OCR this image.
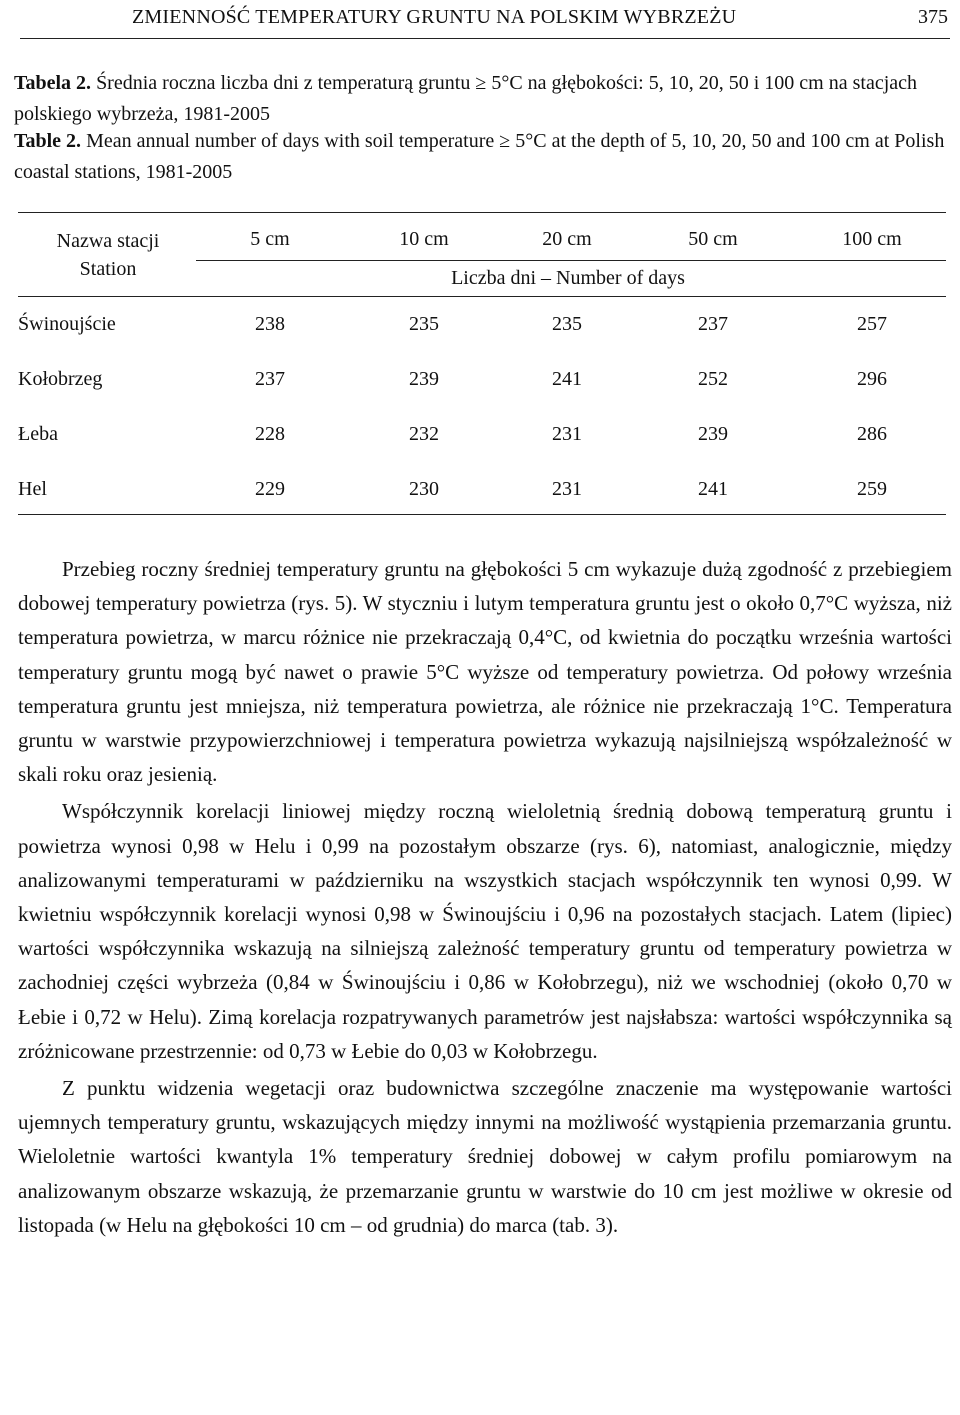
ZMIENNOŚĆ TEMPERATURY GRUNTU NA POLSKIM WYBRZEŻU	375
Tabela 2. Średnia roczna liczba dni z temperaturą gruntu ≥ 5°C na głębokości: 5, 10, 20, 50 i 100 cm na stacjach polskiego wybrzeża, 1981-2005
Table 2. Mean annual number of days with soil temperature ≥ 5°C at the depth of 5, 10, 20, 50 and 100 cm at Polish coastal stations, 1981-2005
Nazwa stacji
Station
5 cm	10 cm	20 cm	50 cm	100 cm
Liczba dni – Number of days
Świnoujście	238	235	235	237	257
Kołobrzeg	237	239	241	252	296
Łeba	228	232	231	239	286
Hel	229	230	231	241	259

Przebieg roczny średniej temperatury gruntu na głębokości 5 cm wykazuje dużą zgodność z przebiegiem dobowej temperatury powietrza (rys. 5). W styczniu i lutym temperatura gruntu jest o około 0,7°C wyższa, niż temperatura powietrza, w marcu różnice nie przekraczają 0,4°C, od kwietnia do początku września wartości temperatury gruntu mogą być nawet o prawie 5°C wyższe od temperatury powietrza. Od połowy września temperatura gruntu jest mniejsza, niż temperatura powietrza, ale różnice nie przekraczają 1°C. Temperatura gruntu w warstwie przypowierzchniowej i temperatura powietrza wykazują najsilniejszą współzależność w skali roku oraz jesienią.

Współczynnik korelacji liniowej między roczną wieloletnią średnią dobową temperaturą gruntu i powietrza wynosi 0,98 w Helu i 0,99 na pozostałym obszarze (rys. 6), natomiast, analogicznie, między analizowanymi temperaturami w październiku na wszystkich stacjach współczynnik ten wynosi 0,99. W kwietniu współczynnik korelacji wynosi 0,98 w Świnoujściu i 0,96 na pozostałych stacjach. Latem (lipiec) wartości współczynnika wskazują na silniejszą zależność temperatury gruntu od temperatury powietrza w zachodniej części wybrzeża (0,84 w Świnoujściu i 0,86 w Kołobrzegu), niż we wschodniej (około 0,70 w Łebie i 0,72 w Helu). Zimą korelacja rozpatrywanych parametrów jest najsłabsza: wartości współczynnika są zróżnicowane przestrzennie: od 0,73 w Łebie do 0,03 w Kołobrzegu.

Z punktu widzenia wegetacji oraz budownictwa szczególne znaczenie ma występowanie wartości ujemnych temperatury gruntu, wskazujących między innymi na możliwość wystąpienia przemarzania gruntu. Wieloletnie wartości kwantyla 1% temperatury średniej dobowej w całym profilu pomiarowym na analizowanym obszarze wskazują, że przemarzanie gruntu w warstwie do 10 cm jest możliwe w okresie od listopada (w Helu na głębokości 10 cm – od grudnia) do marca (tab. 3).
